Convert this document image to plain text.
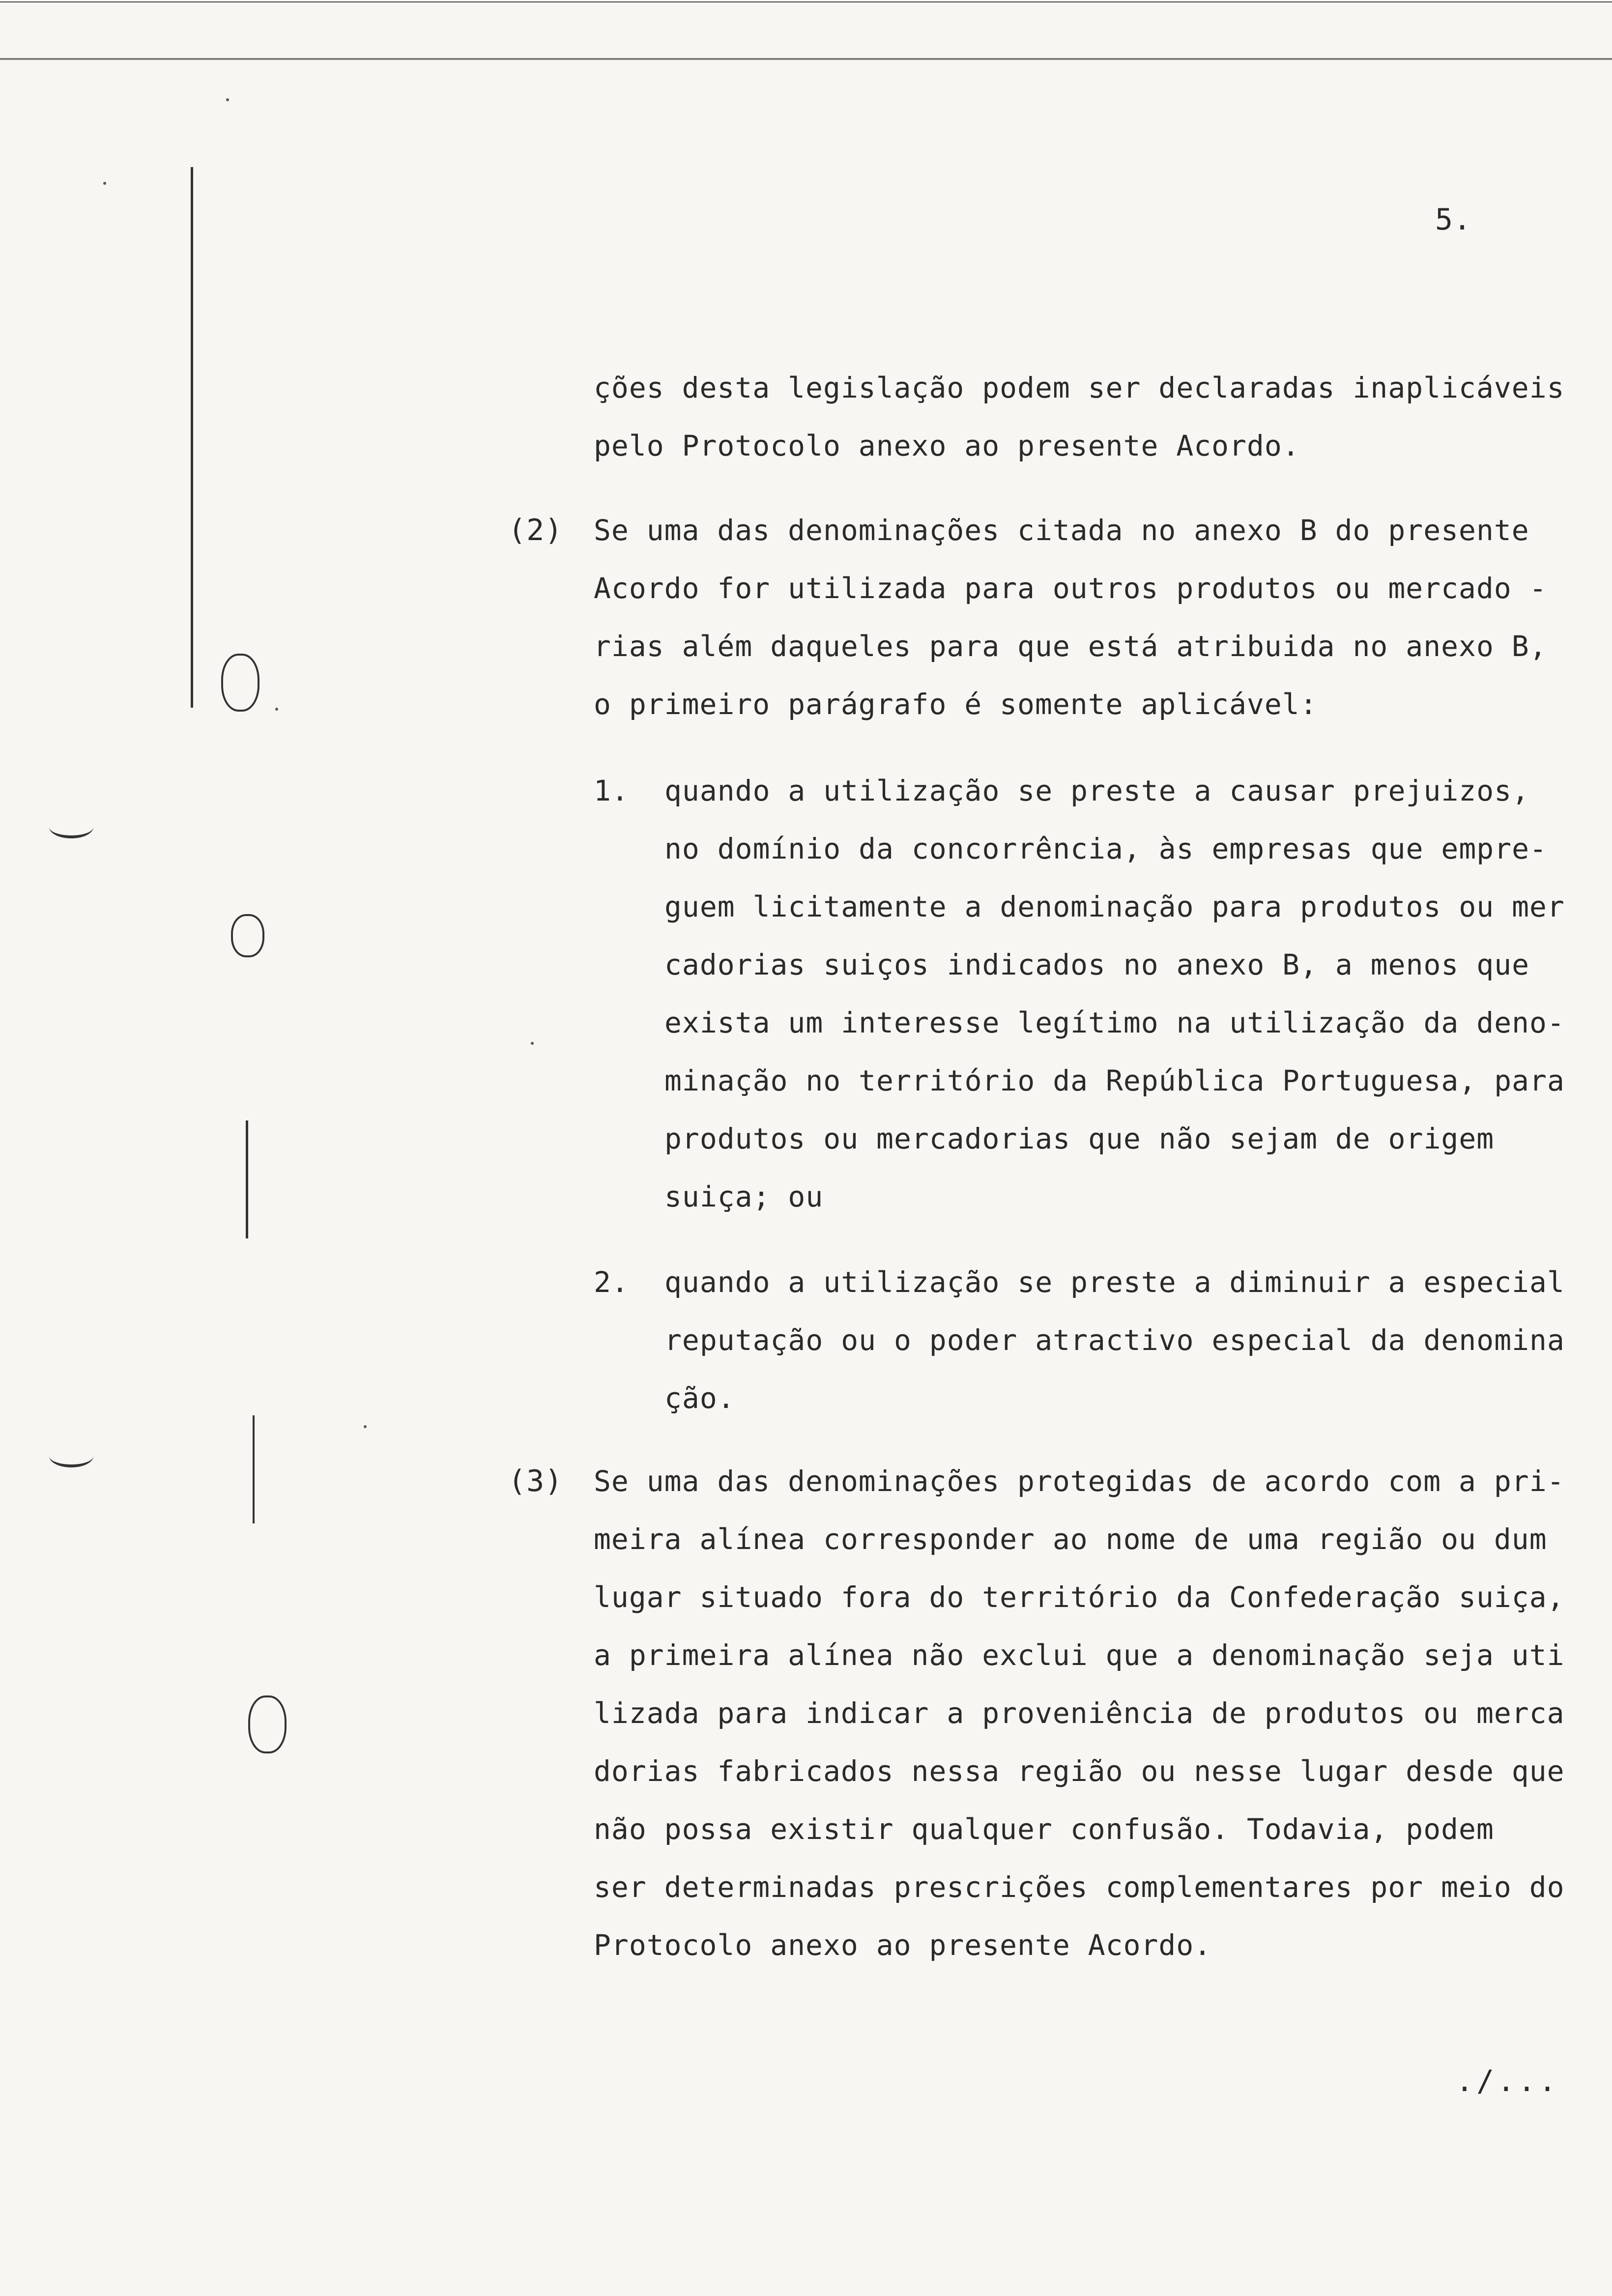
5.
ções desta legislação podem ser declaradas inaplicáveis
pelo Protocolo anexo ao presente Acordo.
(2) Se uma das denominações citada no anexo B do presente
Acordo for utilizada para outros produtos ou mercado -
rias além daqueles para que está atribuida no anexo B,
o primeiro parágrafo é somente aplicável:
1. quando a utilização se preste a causar prejuizos,
no domínio da concorrência, às empresas que empre-
guem licitamente a denominação para produtos ou mer
cadorias suiços indicados no anexo B, a menos que
exista um interesse legítimo na utilização da deno-
minação no território da República Portuguesa, para
produtos ou mercadorias que não sejam de origem
suiça; ou
2. quando a utilização se preste a diminuir a especial
reputação ou o poder atractivo especial da denomina
ção.
(3) Se uma das denominações protegidas de acordo com a pri-
meira alínea corresponder ao nome de uma região ou dum
lugar situado fora do território da Confederação suiça,
a primeira alínea não exclui que a denominação seja uti
lizada para indicar a proveniência de produtos ou merca
dorias fabricados nessa região ou nesse lugar desde que
não possa existir qualquer confusão. Todavia, podem
ser determinadas prescrições complementares por meio do
Protocolo anexo ao presente Acordo.
./...
